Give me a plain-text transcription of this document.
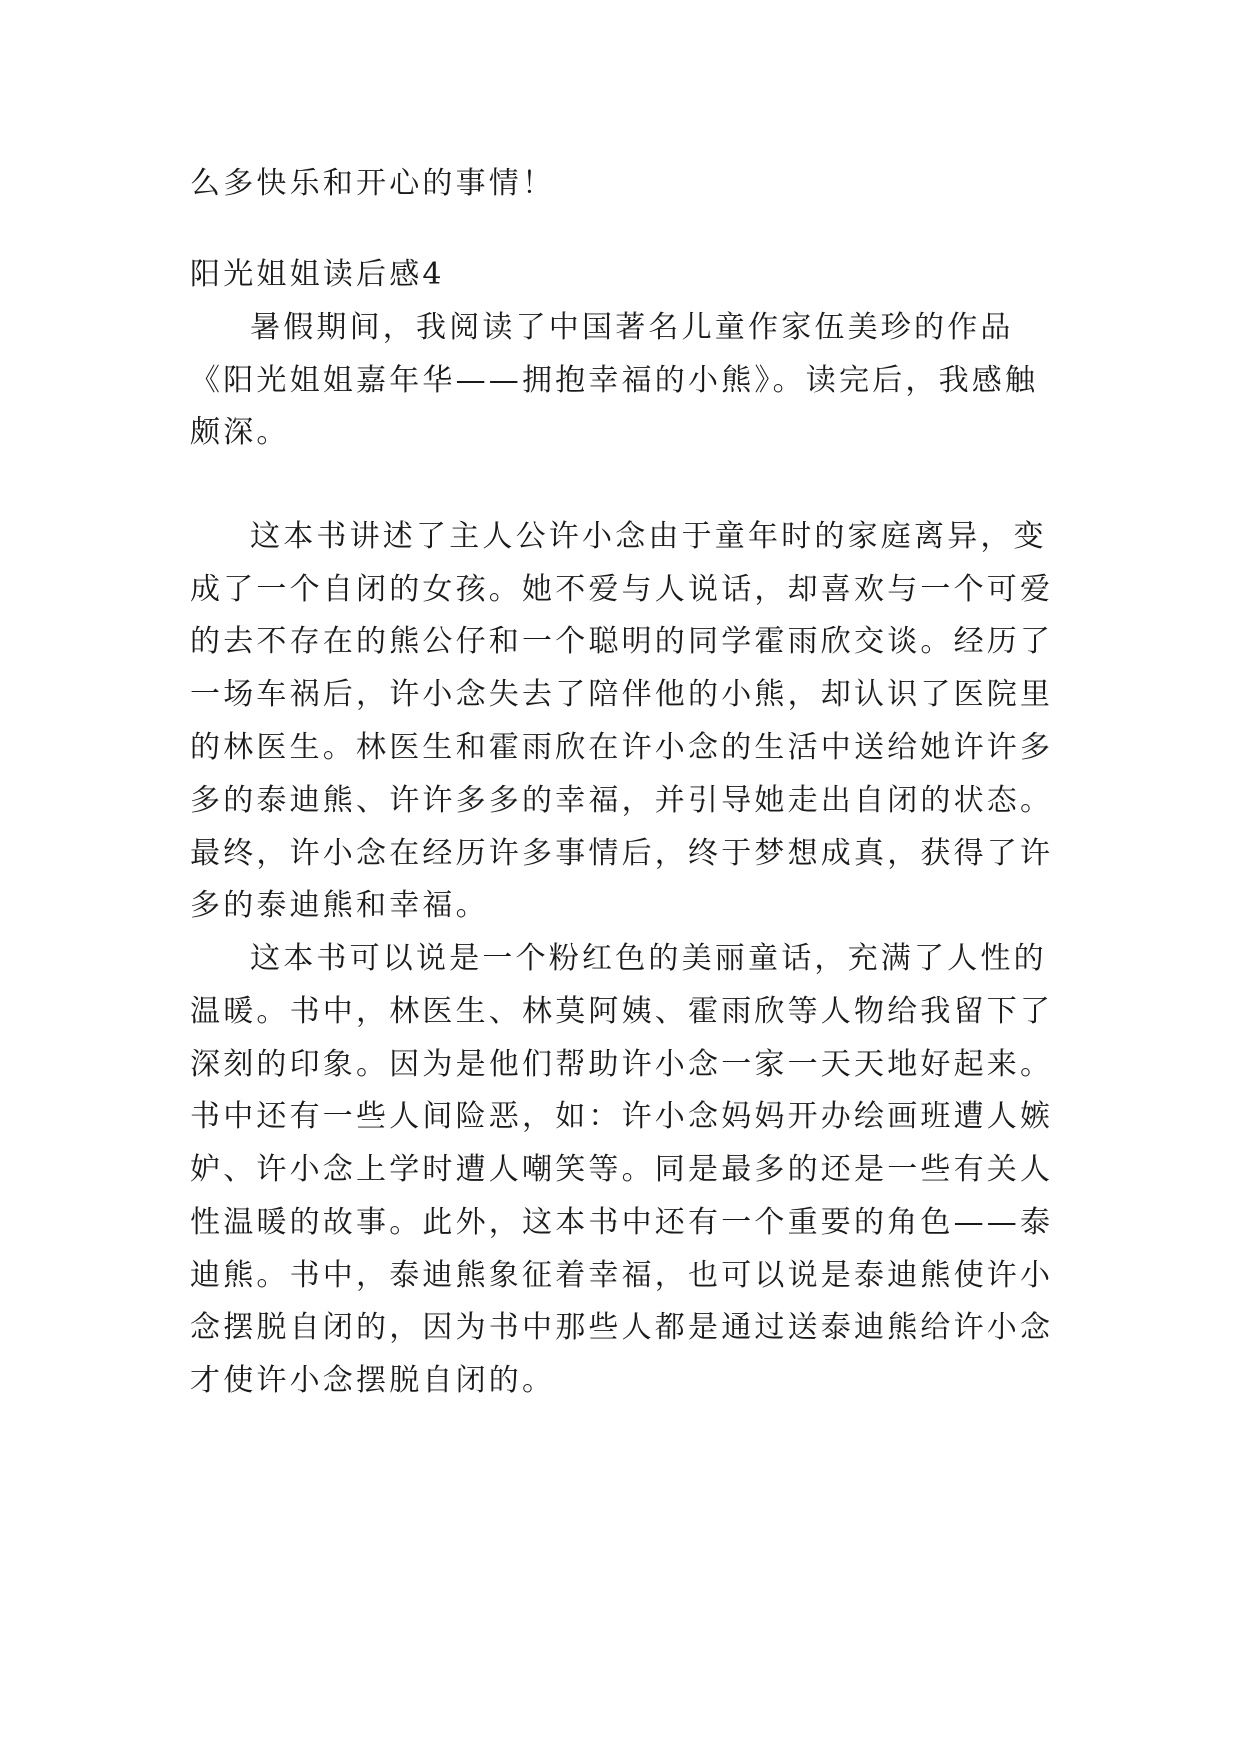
么多快乐和开心的事情！
阳光姐姐读后感4
暑假期间，我阅读了中国著名儿童作家伍美珍的作品
《阳光姐姐嘉年华——拥抱幸福的小熊》。读完后，我感触
颇深。
这本书讲述了主人公许小念由于童年时的家庭离异，变
成了一个自闭的女孩。她不爱与人说话，却喜欢与一个可爱
的去不存在的熊公仔和一个聪明的同学霍雨欣交谈。经历了
一场车祸后，许小念失去了陪伴他的小熊，却认识了医院里
的林医生。林医生和霍雨欣在许小念的生活中送给她许许多
多的泰迪熊、许许多多的幸福，并引导她走出自闭的状态。
最终，许小念在经历许多事情后，终于梦想成真，获得了许
多的泰迪熊和幸福。
这本书可以说是一个粉红色的美丽童话，充满了人性的
温暖。书中，林医生、林莫阿姨、霍雨欣等人物给我留下了
深刻的印象。因为是他们帮助许小念一家一天天地好起来。
书中还有一些人间险恶，如：许小念妈妈开办绘画班遭人嫉
妒、许小念上学时遭人嘲笑等。同是最多的还是一些有关人
性温暖的故事。此外，这本书中还有一个重要的角色——泰
迪熊。书中，泰迪熊象征着幸福，也可以说是泰迪熊使许小
念摆脱自闭的，因为书中那些人都是通过送泰迪熊给许小念
才使许小念摆脱自闭的。
